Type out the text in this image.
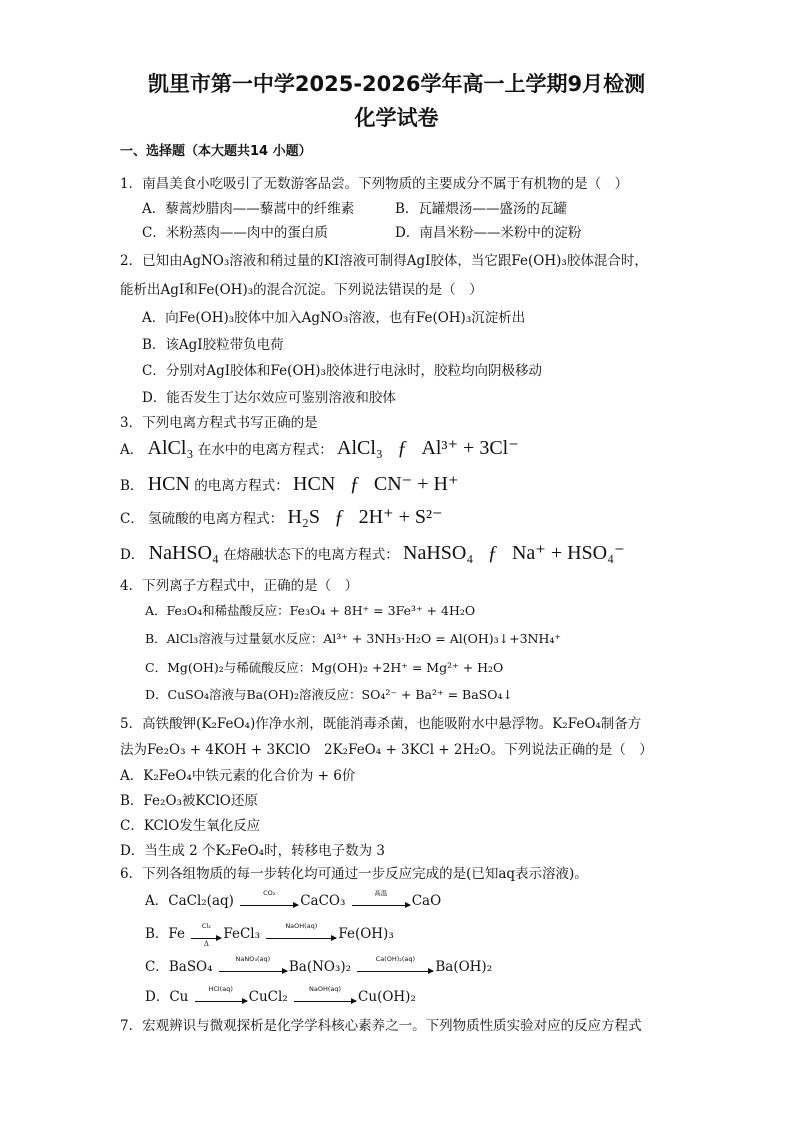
凯里市第一中学2025-2026学年高一上学期9月检测
化学试卷
一、选择题（本大题共14 小题）
1．南昌美食小吃吸引了无数游客品尝。下列物质的主要成分不属于有机物的是（　）
A．藜蒿炒腊肉——藜蒿中的纤维素	B．瓦罐煨汤——盛汤的瓦罐
C．米粉蒸肉——肉中的蛋白质	D．南昌米粉——米粉中的淀粉
2．已知由AgNO₃溶液和稍过量的KI溶液可制得AgI胶体，当它跟Fe(OH)₃胶体混合时，
能析出AgI和Fe(OH)₃的混合沉淀。下列说法错误的是（　）
A．向Fe(OH)₃胶体中加入AgNO₃溶液，也有Fe(OH)₃沉淀析出
B．该AgI胶粒带负电荷
C．分别对AgI胶体和Fe(OH)₃胶体进行电泳时，胶粒均向阴极移动
D．能否发生丁达尔效应可鉴别溶液和胶体
3．下列电离方程式书写正确的是
A． AlCl₃ 在水中的电离方程式： AlCl₃ ƒ Al³⁺ + 3Cl⁻
B． HCN 的电离方程式： HCN ƒ CN⁻ + H⁺
C． 氢硫酸的电离方程式： H₂S ƒ 2H⁺ + S²⁻
D． NaHSO₄ 在熔融状态下的电离方程式： NaHSO₄ ƒ Na⁺ + HSO₄⁻
4．下列离子方程式中，正确的是（　）
A．Fe₃O₄和稀盐酸反应：Fe₃O₄ + 8H⁺ = 3Fe³⁺ + 4H₂O
B．AlCl₃溶液与过量氨水反应：Al³⁺ + 3NH₃·H₂O = Al(OH)₃↓+3NH₄⁺
C．Mg(OH)₂与稀硫酸反应：Mg(OH)₂ +2H⁺ = Mg²⁺ + H₂O
D．CuSO₄溶液与Ba(OH)₂溶液反应：SO₄²⁻ + Ba²⁺ = BaSO₄↓
5．高铁酸钾(K₂FeO₄)作净水剂，既能消毒杀菌，也能吸附水中悬浮物。K₂FeO₄制备方
法为Fe₂O₃ + 4KOH + 3KClO　2K₂FeO₄ + 3KCl + 2H₂O。下列说法正确的是（　）
A．K₂FeO₄中铁元素的化合价为 + 6价
B．Fe₂O₃被KClO还原
C．KClO发生氧化反应
D．当生成 2 个K₂FeO₄时，转移电子数为 3
6．下列各组物质的每一步转化均可通过一步反应完成的是(已知aq表示溶液)。
A．CaCl₂(aq)	CO₂	CaCO₃	高温	CaO
B．Fe $\frac{\text{Cl₂}}{\Delta}$ FeCl₃	NaOH(aq)	Fe(OH)₃
C．BaSO₄	NaNO₃(aq)	Ba(NO₃)₂	Ca(OH)₂(aq)	Ba(OH)₂
D．Cu	HCl(aq)	CuCl₂	NaOH(aq)	Cu(OH)₂
7．宏观辨识与微观探析是化学学科核心素养之一。下列物质性质实验对应的反应方程式
